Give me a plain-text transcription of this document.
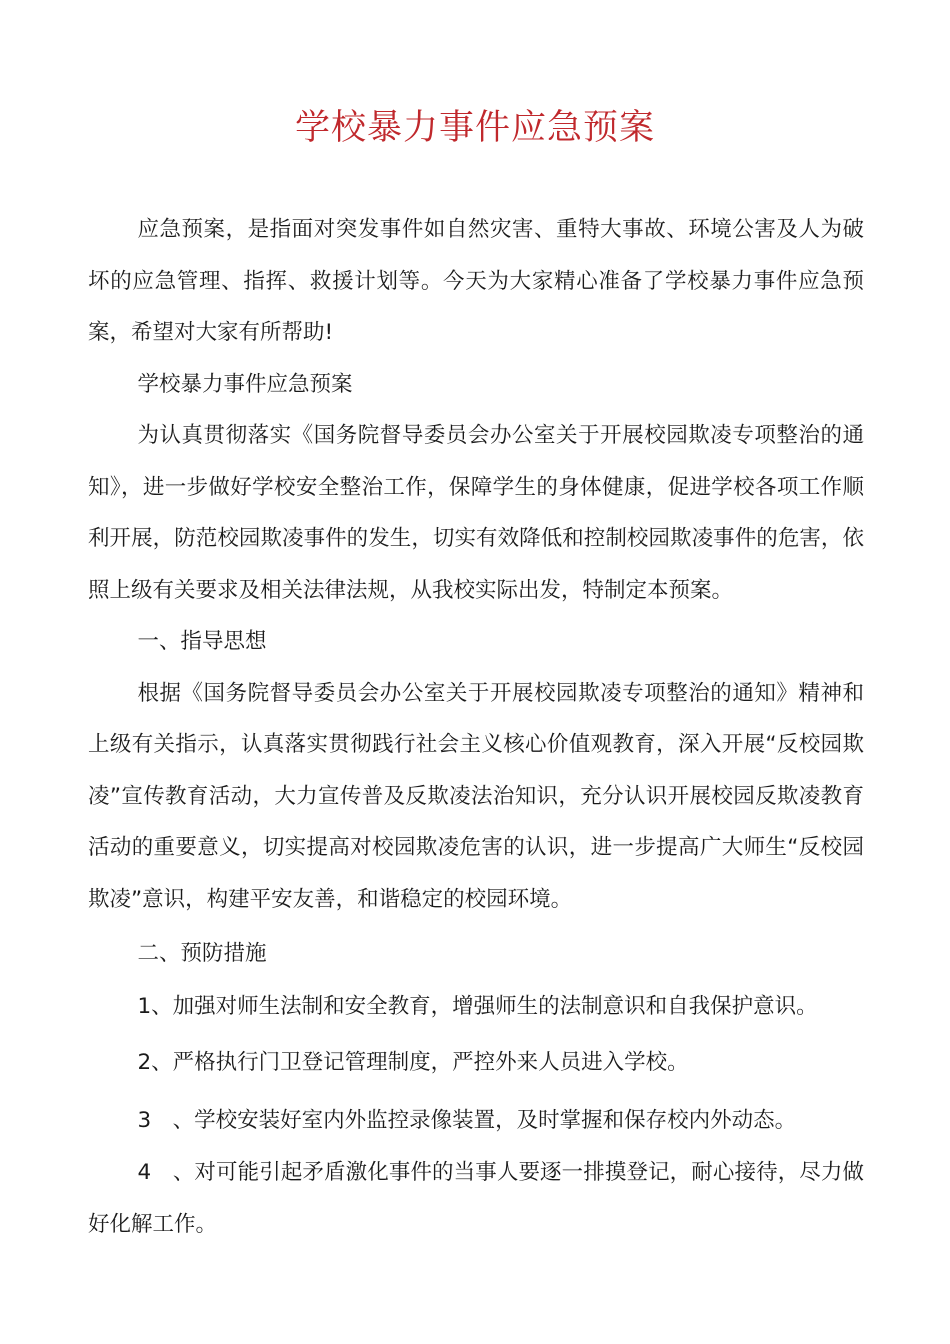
学校暴力事件应急预案

应急预案，是指面对突发事件如自然灾害、重特大事故、环境公害及人为破坏的应急管理、指挥、救援计划等。今天为大家精心准备了学校暴力事件应急预案，希望对大家有所帮助!

学校暴力事件应急预案

为认真贯彻落实《国务院督导委员会办公室关于开展校园欺凌专项整治的通知》，进一步做好学校安全整治工作，保障学生的身体健康，促进学校各项工作顺利开展，防范校园欺凌事件的发生，切实有效降低和控制校园欺凌事件的危害，依照上级有关要求及相关法律法规，从我校实际出发，特制定本预案。

一、指导思想

根据《国务院督导委员会办公室关于开展校园欺凌专项整治的通知》精神和上级有关指示，认真落实贯彻践行社会主义核心价值观教育，深入开展“反校园欺凌”宣传教育活动，大力宣传普及反欺凌法治知识，充分认识开展校园反欺凌教育活动的重要意义，切实提高对校园欺凌危害的认识，进一步提高广大师生“反校园欺凌”意识，构建平安友善，和谐稳定的校园环境。

二、预防措施

1、加强对师生法制和安全教育，增强师生的法制意识和自我保护意识。

2、严格执行门卫登记管理制度，严控外来人员进入学校。

3　、学校安装好室内外监控录像装置，及时掌握和保存校内外动态。

4　、对可能引起矛盾激化事件的当事人要逐一排摸登记，耐心接待，尽力做好化解工作。
